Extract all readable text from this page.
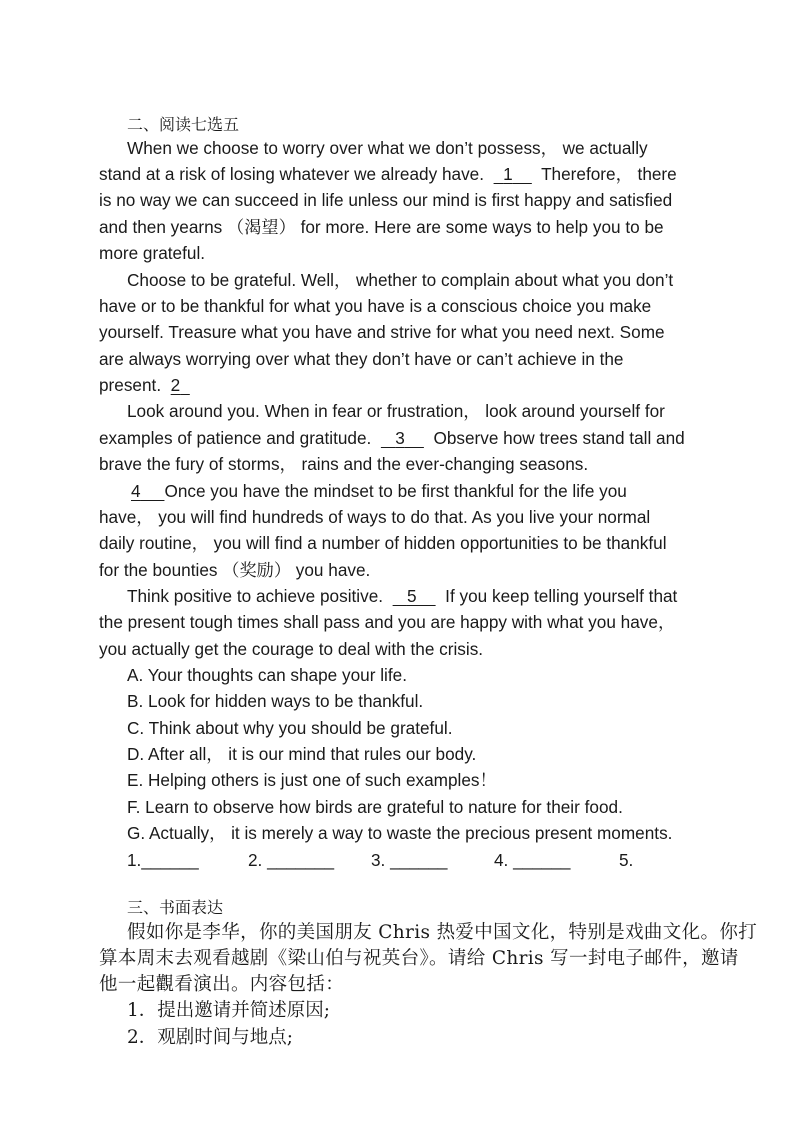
二、阅读七选五
When we choose to worry over what we don’t possess， we actually
stand at a risk of losing whatever we already have. 1 Therefore， there
is no way we can succeed in life unless our mind is first happy and satisfied
and then yearns （渴望） for more. Here are some ways to help you to be
more grateful.
Choose to be grateful. Well， whether to complain about what you don’t
have or to be thankful for what you have is a conscious choice you make
yourself. Treasure what you have and strive for what you need next. Some
are always worrying over what they don’t have or can’t achieve in the
present. 2
Look around you. When in fear or frustration， look around yourself for
examples of patience and gratitude. 3 Observe how trees stand tall and
brave the fury of storms， rains and the ever-changing seasons.
4 Once you have the mindset to be first thankful for the life you
have， you will find hundreds of ways to do that. As you live your normal
daily routine， you will find a number of hidden opportunities to be thankful
for the bounties （奖励） you have.
Think positive to achieve positive. 5 If you keep telling yourself that
the present tough times shall pass and you are happy with what you have，
you actually get the courage to deal with the crisis.
A. Your thoughts can shape your life.
B. Look for hidden ways to be thankful.
C. Think about why you should be grateful.
D. After all， it is our mind that rules our body.
E. Helping others is just one of such examples！
F. Learn to observe how birds are grateful to nature for their food.
G. Actually， it is merely a way to waste the precious present moments.
1.______	2. _______ 3. ______	4. ______	5.
三、书面表达
假如你是李华，你的美国朋友 Chris 热爱中国文化，特别是戏曲文化。你打
算本周末去观看越剧《梁山伯与祝英台》。请给 Chris 写一封电子邮件，邀请
他一起觀看演出。内容包括：
1．提出邀请并简述原因;
2．观剧时间与地点;
